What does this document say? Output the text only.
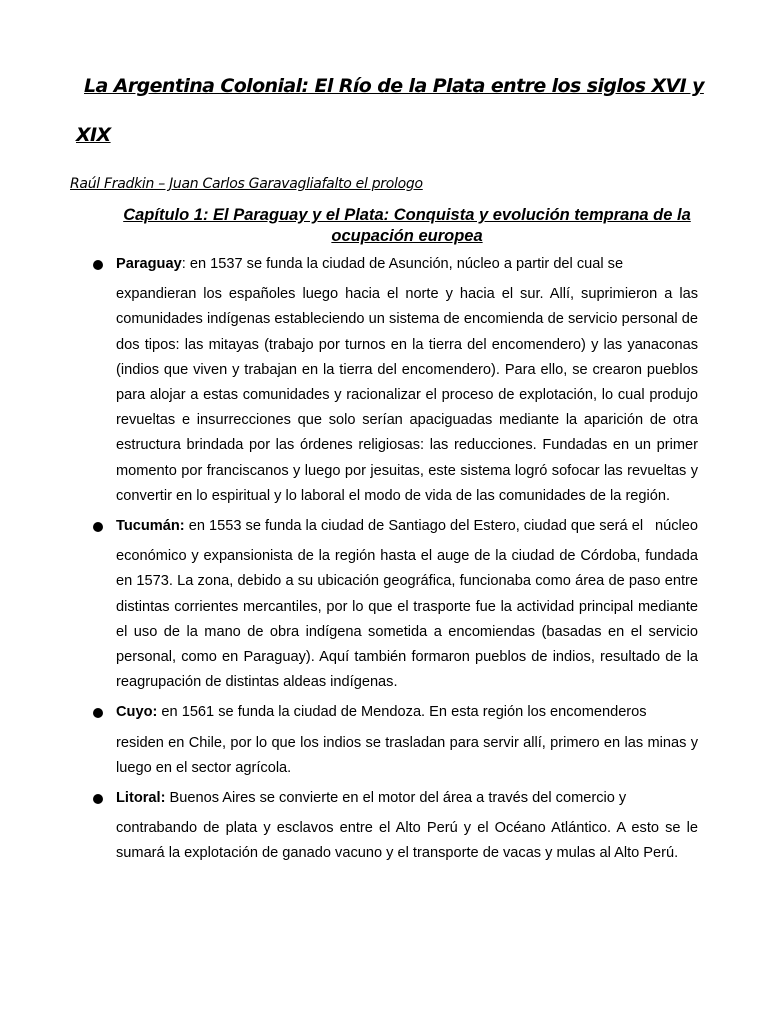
La Argentina Colonial: El Río de la Plata entre los siglos XVI y XIX

Raúl Fradkin – Juan Carlos Garavagliafalto el prologo

Capítulo 1: El Paraguay y el Plata: Conquista y evolución temprana de la ocupación europea
Paraguay: en 1537 se funda la ciudad de Asunción, núcleo a partir del cual se expandieran los españoles luego hacia el norte y hacia el sur. Allí, suprimieron a las comunidades indígenas estableciendo un sistema de encomienda de servicio personal de dos tipos: las mitayas (trabajo por turnos en la tierra del encomendero) y las yanaconas (indios que viven y trabajan en la tierra del encomendero). Para ello, se crearon pueblos para alojar a estas comunidades y racionalizar el proceso de explotación, lo cual produjo revueltas e insurrecciones que solo serían apaciguadas mediante la aparición de otra estructura brindada por las órdenes religiosas: las reducciones. Fundadas en un primer momento por franciscanos y luego por jesuitas, este sistema logró sofocar las revueltas y convertir en lo espiritual y lo laboral el modo de vida de las comunidades de la región.
Tucumán: en 1553 se funda la ciudad de Santiago del Estero, ciudad que será el núcleo económico y expansionista de la región hasta el auge de la ciudad de Córdoba, fundada en 1573. La zona, debido a su ubicación geográfica, funcionaba como área de paso entre distintas corrientes mercantiles, por lo que el trasporte fue la actividad principal mediante el uso de la mano de obra indígena sometida a encomiendas (basadas en el servicio personal, como en Paraguay). Aquí también formaron pueblos de indios, resultado de la reagrupación de distintas aldeas indígenas.
Cuyo: en 1561 se funda la ciudad de Mendoza. En esta región los encomenderos residen en Chile, por lo que los indios se trasladan para servir allí, primero en las minas y luego en el sector agrícola.
Litoral: Buenos Aires se convierte en el motor del área a través del comercio y contrabando de plata y esclavos entre el Alto Perú y el Océano Atlántico. A esto se le sumará la explotación de ganado vacuno y el transporte de vacas y mulas al Alto Perú.
